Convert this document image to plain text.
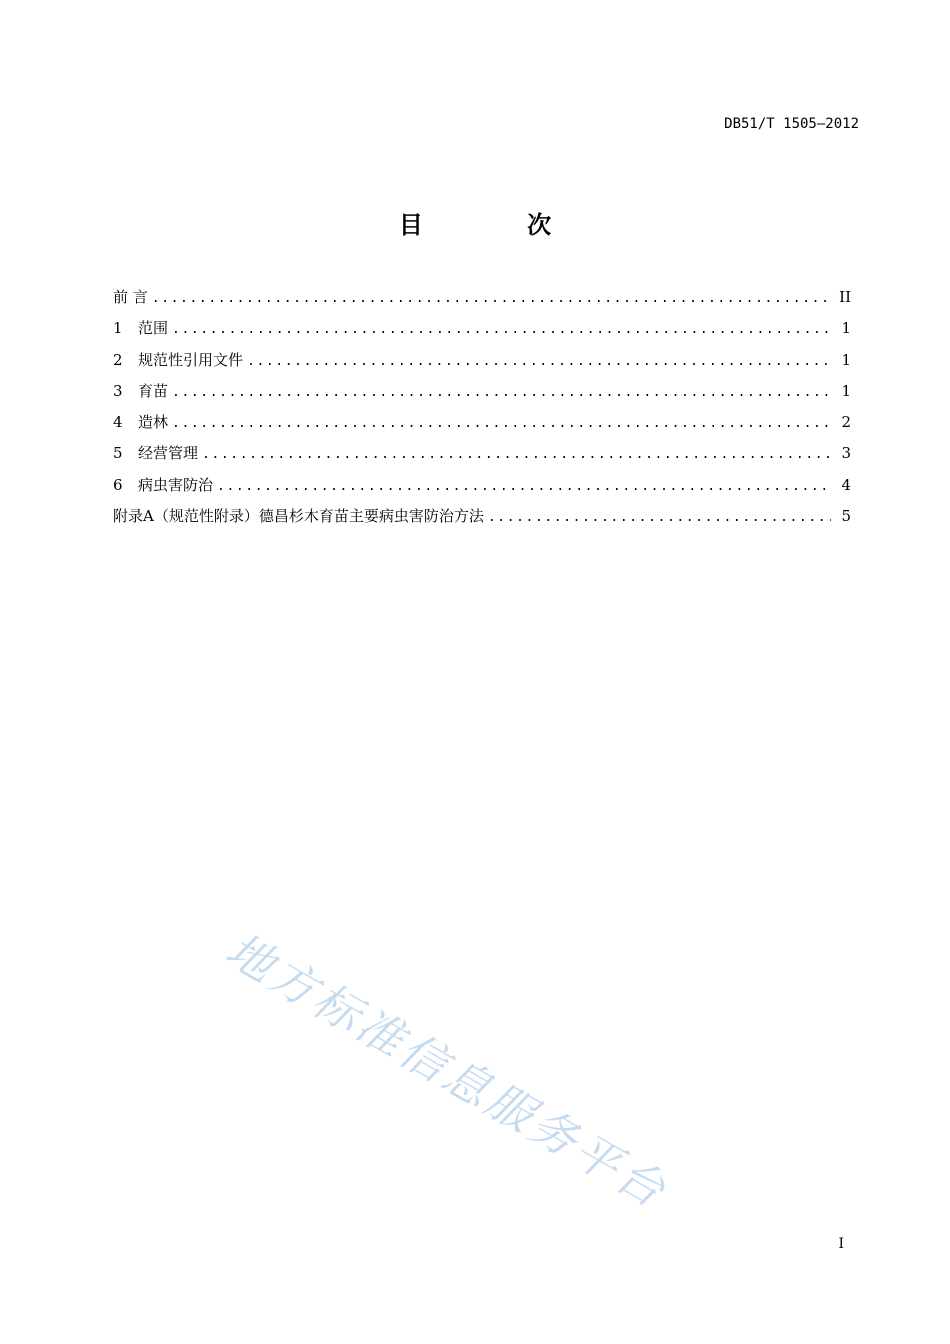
DB51/T 1505—2012
目 次
前 言 .....	II
1	范围 .....	1
2	规范性引用文件 .....	1
3	育苗 .....	1
4	造林 .....	2
5	经营管理 .....	3
6	病虫害防治 .....	4
附录A（规范性附录）德昌杉木育苗主要病虫害防治方法 .....	5
地方标准信息服务平台
I
